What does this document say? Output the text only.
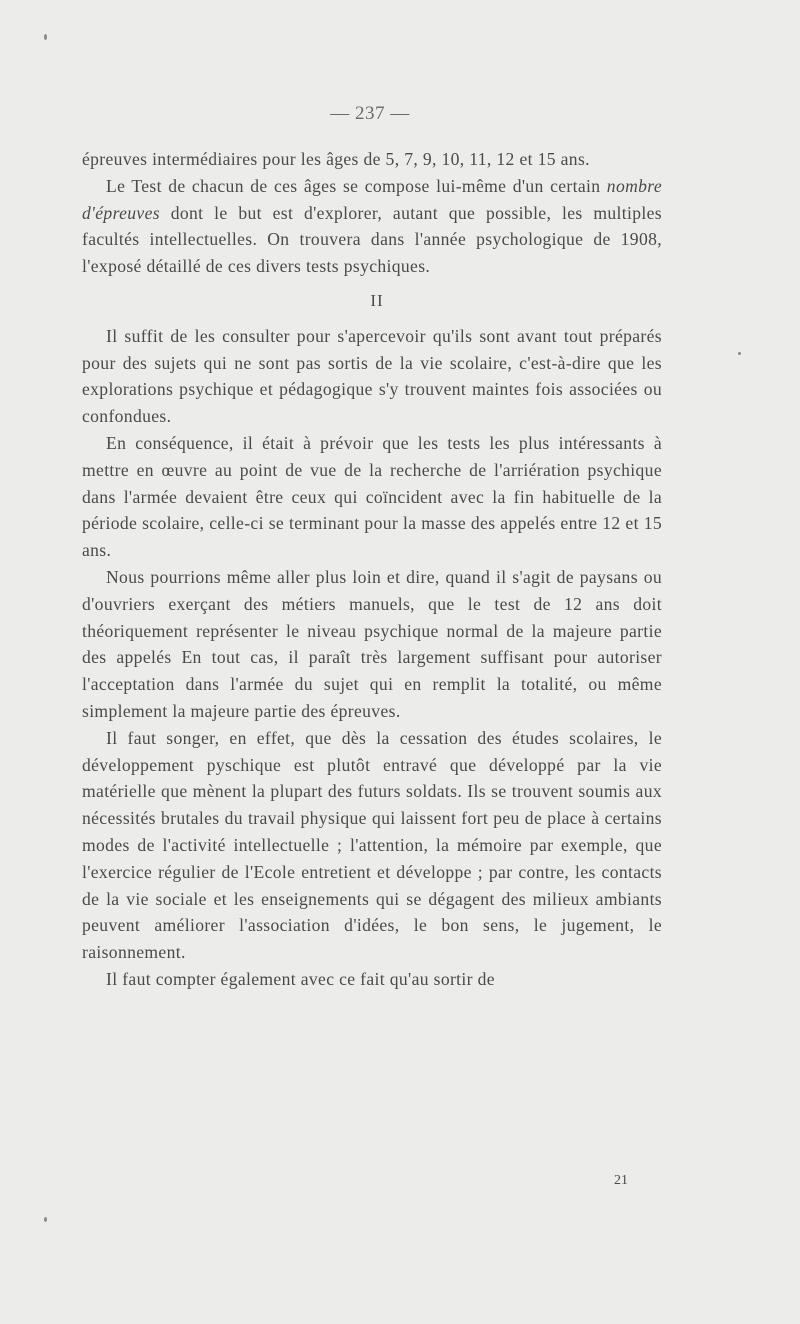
— 237 —

épreuves intermédiaires pour les âges de 5, 7, 9, 10, 11, 12 et 15 ans.

Le Test de chacun de ces âges se compose lui-même d'un certain nombre d'épreuves dont le but est d'explorer, autant que possible, les multiples facultés intellectuelles. On trouvera dans l'année psychologique de 1908, l'exposé détaillé de ces divers tests psychiques.

II

Il suffit de les consulter pour s'apercevoir qu'ils sont avant tout préparés pour des sujets qui ne sont pas sortis de la vie scolaire, c'est-à-dire que les explorations psychique et pédagogique s'y trouvent maintes fois associées ou confondues.

En conséquence, il était à prévoir que les tests les plus intéressants à mettre en œuvre au point de vue de la recherche de l'arriération psychique dans l'armée devaient être ceux qui coïncident avec la fin habituelle de la période scolaire, celle-ci se terminant pour la masse des appelés entre 12 et 15 ans.

Nous pourrions même aller plus loin et dire, quand il s'agit de paysans ou d'ouvriers exerçant des métiers manuels, que le test de 12 ans doit théoriquement représenter le niveau psychique normal de la majeure partie des appelés En tout cas, il paraît très largement suffisant pour autoriser l'acceptation dans l'armée du sujet qui en remplit la totalité, ou même simplement la majeure partie des épreuves.

Il faut songer, en effet, que dès la cessation des études scolaires, le développement pyschique est plutôt entravé que développé par la vie matérielle que mènent la plupart des futurs soldats. Ils se trouvent soumis aux nécessités brutales du travail physique qui laissent fort peu de place à certains modes de l'activité intellectuelle ; l'attention, la mémoire par exemple, que l'exercice régulier de l'Ecole entretient et développe ; par contre, les contacts de la vie sociale et les enseignements qui se dégagent des milieux ambiants peuvent améliorer l'association d'idées, le bon sens, le jugement, le raisonnement.

Il faut compter également avec ce fait qu'au sortir de

21
